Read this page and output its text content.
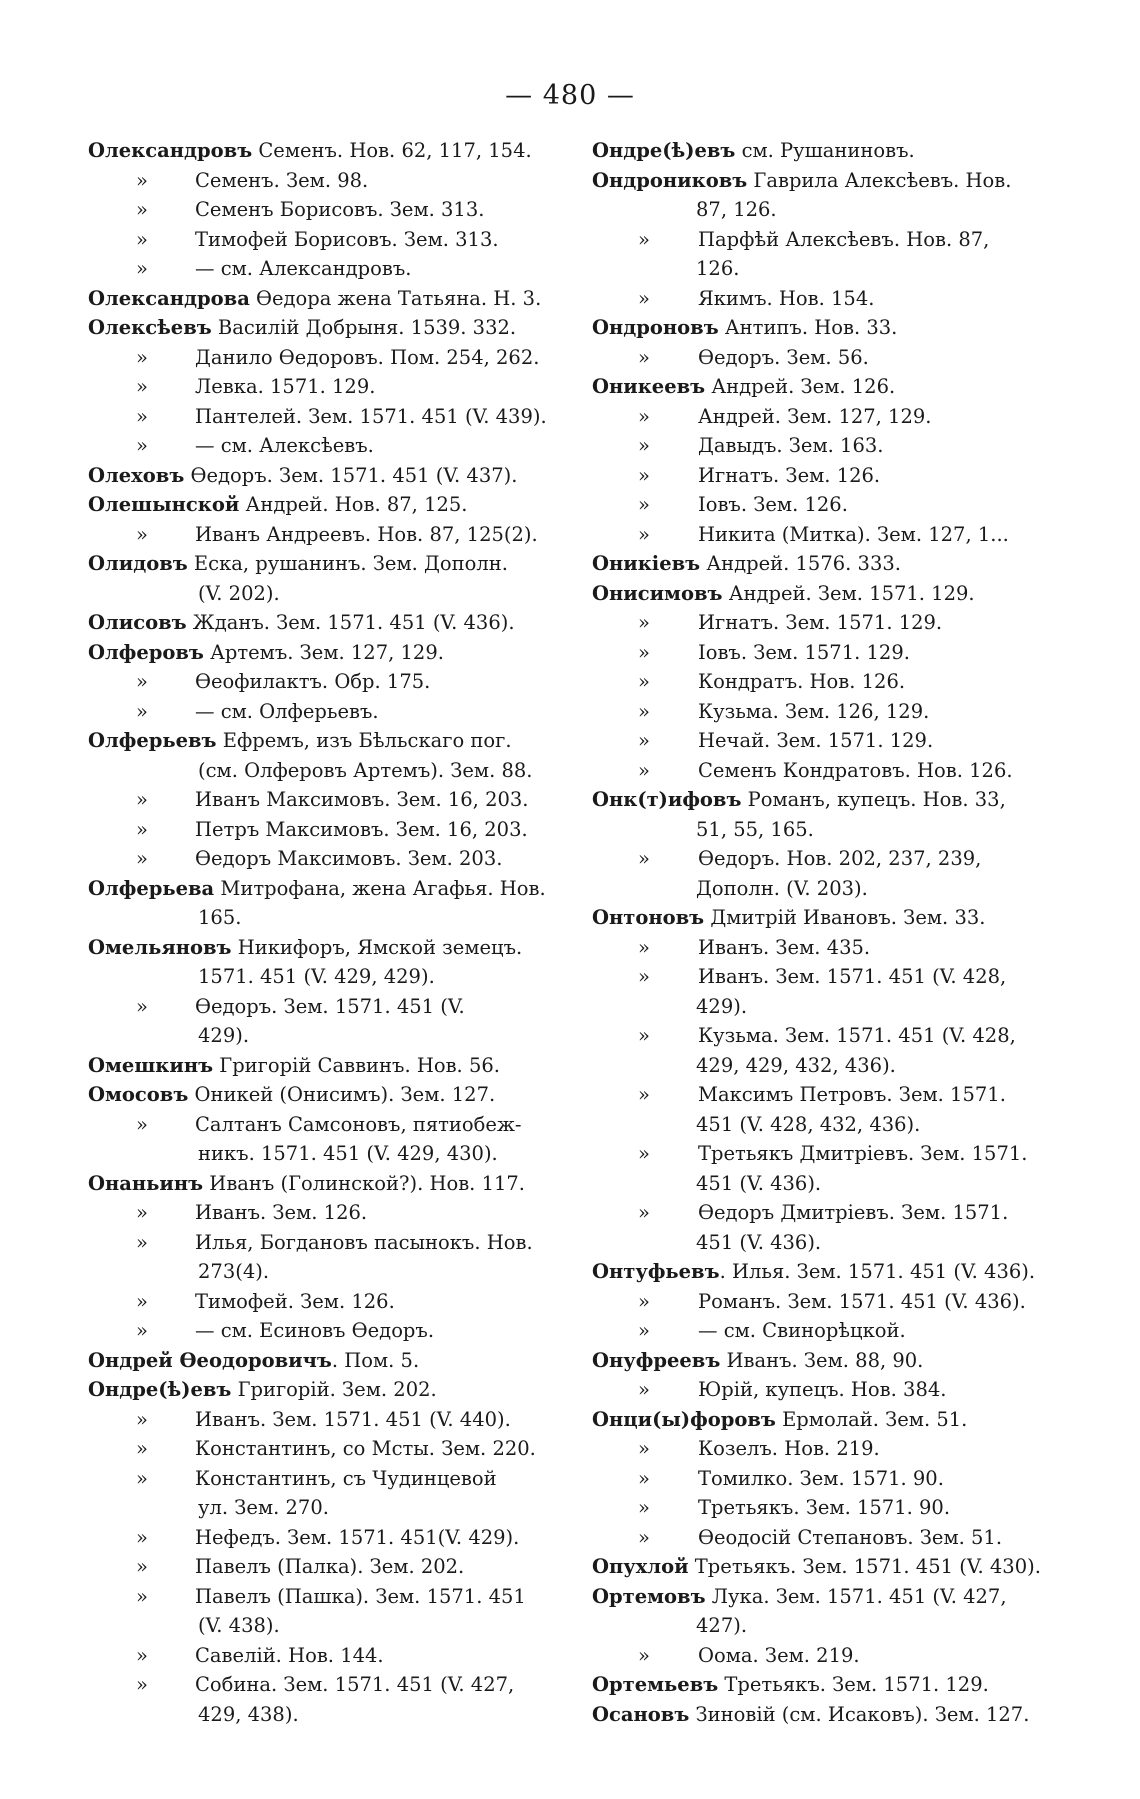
— 480 —
Олександровъ Семенъ. Нов. 62, 117, 154.
» Семенъ. Зем. 98.
» Семенъ Борисовъ. Зем. 313.
» Тимофей Борисовъ. Зем. 313.
» — см. Александровъ.
Олександрова Өедора жена Татьяна. Н. 3.
Олексѣевъ Василій Добрыня. 1539. 332.
» Данило Өедоровъ. Пом. 254, 262.
» Левка. 1571. 129.
» Пантелей. Зем. 1571. 451 (V. 439).
» — см. Алексѣевъ.
Олеховъ Өедоръ. Зем. 1571. 451 (V. 437).
Олешынской Андрей. Нов. 87, 125.
» Иванъ Андреевъ. Нов. 87, 125(2).
Олидовъ Еска, рушанинъ. Зем. Дополн.
(V. 202).
Олисовъ Жданъ. Зем. 1571. 451 (V. 436).
Олферовъ Артемъ. Зем. 127, 129.
» Өеофилактъ. Обр. 175.
» — см. Олферьевъ.
Олферьевъ Ефремъ, изъ Бѣльскаго пог.
(см. Олферовъ Артемъ). Зем. 88.
» Иванъ Максимовъ. Зем. 16, 203.
» Петръ Максимовъ. Зем. 16, 203.
» Өедоръ Максимовъ. Зем. 203.
Олферьева Митрофана, жена Агафья. Нов.
165.
Омельяновъ Никифоръ, Ямской земецъ.
1571. 451 (V. 429, 429).
» Өедоръ. Зем. 1571. 451 (V.
429).
Омешкинъ Григорій Саввинъ. Нов. 56.
Омосовъ Оникей (Онисимъ). Зем. 127.
» Салтанъ Самсоновъ, пятиобеж-
никъ. 1571. 451 (V. 429, 430).
Онаньинъ Иванъ (Голинской?). Нов. 117.
» Иванъ. Зем. 126.
» Илья, Богдановъ пасынокъ. Нов.
273(4).
» Тимофей. Зем. 126.
» — см. Есиновъ Өедоръ.
Ондрей Өеодоровичъ. Пом. 5.
Ондре(ѣ)евъ Григорій. Зем. 202.
» Иванъ. Зем. 1571. 451 (V. 440).
» Константинъ, со Мсты. Зем. 220.
» Константинъ, съ Чудинцевой
ул. Зем. 270.
» Нефедъ. Зем. 1571. 451(V. 429).
» Павелъ (Палка). Зем. 202.
» Павелъ (Пашка). Зем. 1571. 451
(V. 438).
» Савелій. Нов. 144.
» Собина. Зем. 1571. 451 (V. 427,
429, 438).
Ондре(ѣ)евъ см. Рушаниновъ.
Ондрониковъ Гаврила Алексѣевъ. Нов.
87, 126.
» Парфѣй Алексѣевъ. Нов. 87,
126.
» Якимъ. Нов. 154.
Ондроновъ Антипъ. Нов. 33.
» Өедоръ. Зем. 56.
Оникеевъ Андрей. Зем. 126.
» Андрей. Зем. 127, 129.
» Давыдъ. Зем. 163.
» Игнатъ. Зем. 126.
» Іовъ. Зем. 126.
» Никита (Митка). Зем. 127, 1...
Оникіевъ Андрей. 1576. 333.
Онисимовъ Андрей. Зем. 1571. 129.
» Игнатъ. Зем. 1571. 129.
» Іовъ. Зем. 1571. 129.
» Кондратъ. Нов. 126.
» Кузьма. Зем. 126, 129.
» Нечай. Зем. 1571. 129.
» Семенъ Кондратовъ. Нов. 126.
Онк(т)ифовъ Романъ, купецъ. Нов. 33,
51, 55, 165.
» Өедоръ. Нов. 202, 237, 239,
Дополн. (V. 203).
Онтоновъ Дмитрій Ивановъ. Зем. 33.
» Иванъ. Зем. 435.
» Иванъ. Зем. 1571. 451 (V. 428,
429).
» Кузьма. Зем. 1571. 451 (V. 428,
429, 429, 432, 436).
» Максимъ Петровъ. Зем. 1571.
451 (V. 428, 432, 436).
» Третьякъ Дмитріевъ. Зем. 1571.
451 (V. 436).
» Өедоръ Дмитріевъ. Зем. 1571.
451 (V. 436).
Онтуфьевъ. Илья. Зем. 1571. 451 (V. 436).
» Романъ. Зем. 1571. 451 (V. 436).
» — см. Свинорѣцкой.
Онуфреевъ Иванъ. Зем. 88, 90.
» Юрій, купецъ. Нов. 384.
Онци(ы)форовъ Ермолай. Зем. 51.
» Козелъ. Нов. 219.
» Томилко. Зем. 1571. 90.
» Третьякъ. Зем. 1571. 90.
» Өеодосій Степановъ. Зем. 51.
Опухлой Третьякъ. Зем. 1571. 451 (V. 430).
Ортемовъ Лука. Зем. 1571. 451 (V. 427,
427).
» Оома. Зем. 219.
Ортемьевъ Третьякъ. Зем. 1571. 129.
Осановъ Зиновій (см. Исаковъ). Зем. 127.
